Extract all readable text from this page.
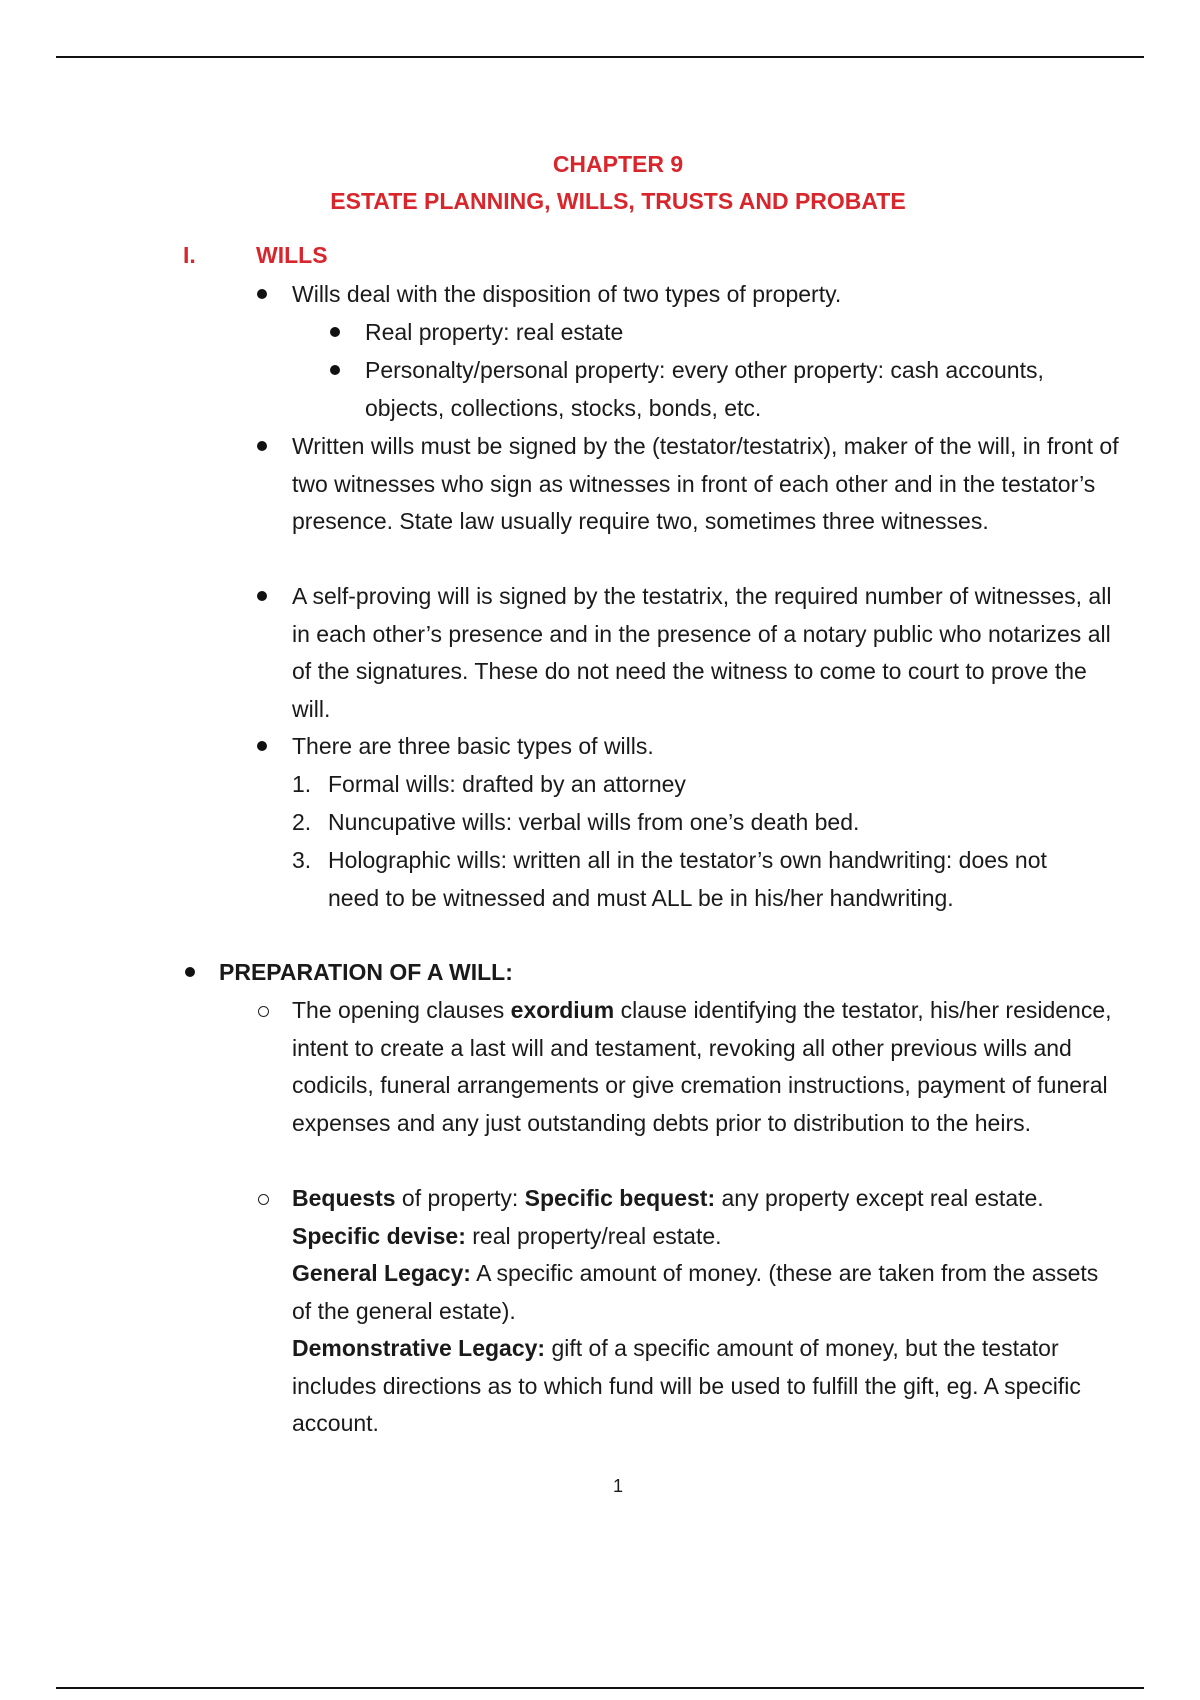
CHAPTER 9
ESTATE PLANNING, WILLS, TRUSTS AND PROBATE
I.	WILLS
Wills deal with the disposition of two types of property.
Real property: real estate
Personalty/personal property: every other property: cash accounts, objects, collections, stocks, bonds, etc.
Written wills must be signed by the (testator/testatrix), maker of the will, in front of two witnesses who sign as witnesses in front of each other and in the testator’s presence. State law usually require two, sometimes three witnesses.
A self-proving will is signed by the testatrix, the required number of witnesses, all in each other’s presence and in the presence of a notary public who notarizes all of the signatures. These do not need the witness to come to court to prove the will.
There are three basic types of wills.
1. Formal wills: drafted by an attorney
2. Nuncupative wills: verbal wills from one’s death bed.
3. Holographic wills: written all in the testator’s own handwriting: does not need to be witnessed and must ALL be in his/her handwriting.
PREPARATION OF A WILL:
The opening clauses exordium clause identifying the testator, his/her residence, intent to create a last will and testament, revoking all other previous wills and codicils, funeral arrangements or give cremation instructions, payment of funeral expenses and any just outstanding debts prior to distribution to the heirs.
Bequests of property: Specific bequest: any property except real estate. Specific devise: real property/real estate.
General Legacy: A specific amount of money. (these are taken from the assets of the general estate).
Demonstrative Legacy: gift of a specific amount of money, but the testator includes directions as to which fund will be used to fulfill the gift, eg. A specific account.
1
